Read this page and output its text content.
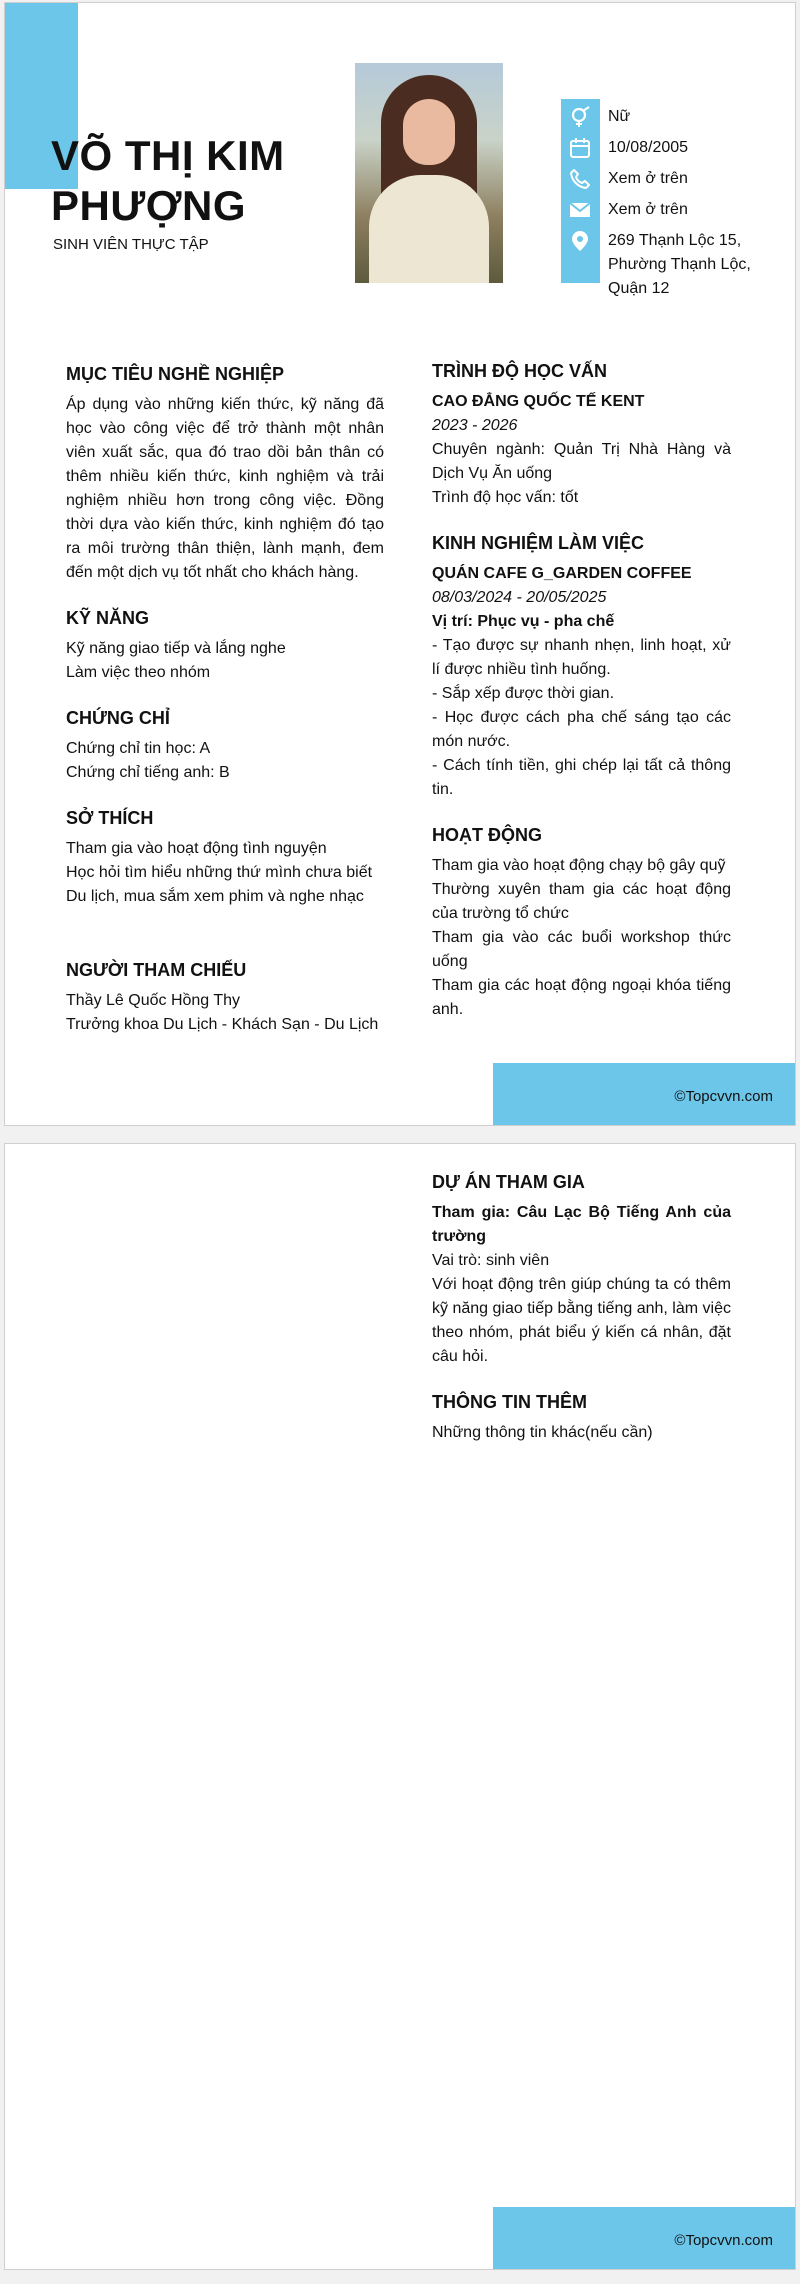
VÕ THỊ KIM PHƯỢNG
SINH VIÊN THỰC TẬP
Nữ
10/08/2005
Xem ở trên
Xem ở trên
269 Thạnh Lộc 15, Phường Thạnh Lộc, Quận 12
MỤC TIÊU NGHỀ NGHIỆP

Áp dụng vào những kiến thức, kỹ năng đã học vào công việc để trở thành một nhân viên xuất sắc, qua đó trao dồi bản thân có thêm nhiều kiến thức, kinh nghiệm và trải nghiệm nhiều hơn trong công việc. Đồng thời dựa vào kiến thức, kinh nghiệm đó tạo ra môi trường thân thiện, lành mạnh, đem đến một dịch vụ tốt nhất cho khách hàng.

KỸ NĂNG

Kỹ năng giao tiếp và lắng nghe

Làm việc theo nhóm

CHỨNG CHỈ

Chứng chỉ tin học: A

Chứng chỉ tiếng anh: B

SỞ THÍCH

Tham gia vào hoạt động tình nguyện

Học hỏi tìm hiểu những thứ mình chưa biết

Du lịch, mua sắm xem phim và nghe nhạc

NGƯỜI THAM CHIẾU

Thầy Lê Quốc Hồng Thy

Trưởng khoa Du Lịch - Khách Sạn - Du Lịch

TRÌNH ĐỘ HỌC VẤN

CAO ĐẲNG QUỐC TẾ KENT

2023 - 2026

Chuyên ngành: Quản Trị Nhà Hàng và Dịch Vụ Ăn uống

Trình độ học vấn: tốt

KINH NGHIỆM LÀM VIỆC

QUÁN CAFE G_GARDEN COFFEE

08/03/2024 - 20/05/2025

Vị trí: Phục vụ - pha chế

- Tạo được sự nhanh nhẹn, linh hoạt, xử lí được nhiều tình huống.

- Sắp xếp được thời gian.

- Học được cách pha chế sáng tạo các món nước.

- Cách tính tiền, ghi chép lại tất cả thông tin.

HOẠT ĐỘNG

Tham gia vào hoạt động chạy bộ gây quỹ

Thường xuyên tham gia các hoạt động của trường tổ chức

Tham gia vào các buổi workshop thức uống

Tham gia các hoạt động ngoại khóa tiếng anh.

©Topcvvn.com
DỰ ÁN THAM GIA

Tham gia: Câu Lạc Bộ Tiếng Anh của trường

Vai trò: sinh viên

Với hoạt động trên giúp chúng ta có thêm kỹ năng giao tiếp bằng tiếng anh, làm việc theo nhóm, phát biểu ý kiến cá nhân, đặt câu hỏi.

THÔNG TIN THÊM

Những thông tin khác(nếu cần)

©Topcvvn.com
